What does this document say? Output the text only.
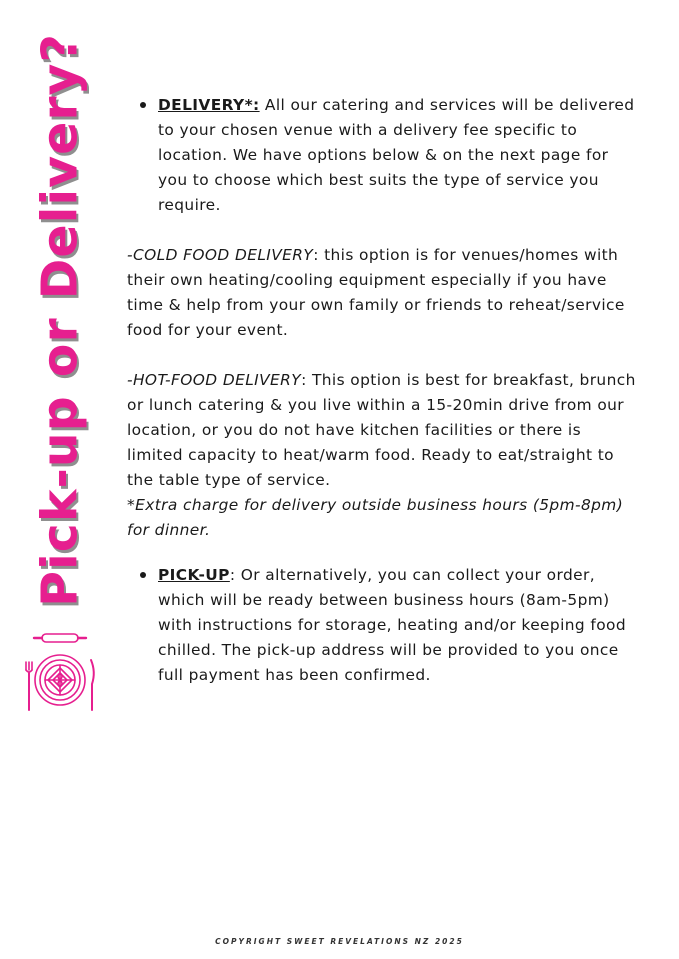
Pick-up or Delivery?	DELIVERY*: All our catering and services will be delivered to your chosen venue with a delivery fee specific to location. We have options below & on the next page for you to choose which best suits the type of service you require.

-COLD FOOD DELIVERY: this option is for venues/homes with their own heating/cooling equipment especially if you have time & help from your own family or friends to reheat/service food for your event.

-HOT-FOOD DELIVERY: This option is best for breakfast, brunch or lunch catering & you live within a 15-20min drive from our location, or you do not have kitchen facilities or there is limited capacity to heat/warm food. Ready to eat/straight to the table type of service.

*Extra charge for delivery outside business hours (5pm-8pm) for dinner.

PICK-UP: Or alternatively, you can collect your order, which will be ready between business hours (8am-5pm) with instructions for storage, heating and/or keeping food chilled. The pick-up address will be provided to you once full payment has been confirmed.

COPYRIGHT SWEET REVELATIONS NZ 2025
